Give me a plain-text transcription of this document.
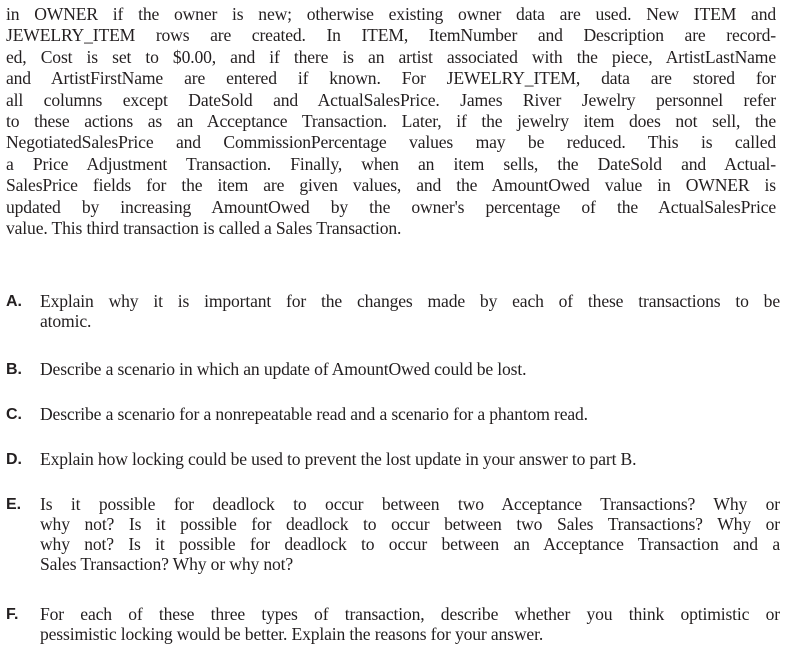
in OWNER if the owner is new; otherwise existing owner data are used. New ITEM and
JEWELRY_ITEM rows are created. In ITEM, ItemNumber and Description are record-
ed, Cost is set to $0.00, and if there is an artist associated with the piece, ArtistLastName
and ArtistFirstName are entered if known. For JEWELRY_ITEM, data are stored for
all columns except DateSold and ActualSalesPrice. James River Jewelry personnel refer
to these actions as an Acceptance Transaction. Later, if the jewelry item does not sell, the
NegotiatedSalesPrice and CommissionPercentage values may be reduced. This is called
a Price Adjustment Transaction. Finally, when an item sells, the DateSold and Actual-
SalesPrice fields for the item are given values, and the AmountOwed value in OWNER is
updated by increasing AmountOwed by the owner's percentage of the ActualSalesPrice
value. This third transaction is called a Sales Transaction.

A.	Explain why it is important for the changes made by each of these transactions to be
atomic.
B.	Describe a scenario in which an update of AmountOwed could be lost.
C.	Describe a scenario for a nonrepeatable read and a scenario for a phantom read.
D.	Explain how locking could be used to prevent the lost update in your answer to part B.
E.	Is it possible for deadlock to occur between two Acceptance Transactions? Why or
why not? Is it possible for deadlock to occur between two Sales Transactions? Why or
why not? Is it possible for deadlock to occur between an Acceptance Transaction and a
Sales Transaction? Why or why not?
F.	For each of these three types of transaction, describe whether you think optimistic or
pessimistic locking would be better. Explain the reasons for your answer.
